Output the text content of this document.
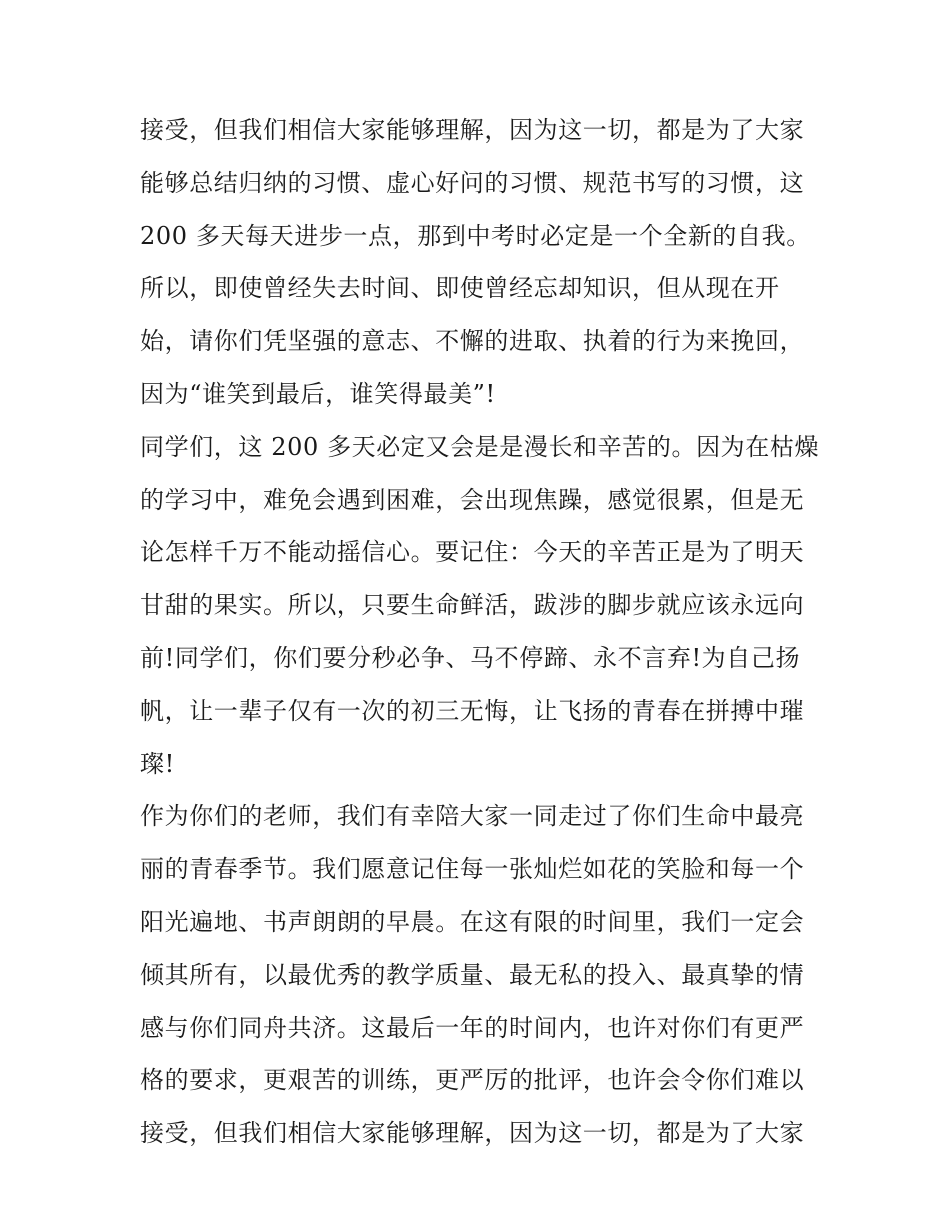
接受，但我们相信大家能够理解，因为这一切，都是为了大家
能够总结归纳的习惯、虚心好问的习惯、规范书写的习惯，这
200 多天每天进步一点，那到中考时必定是一个全新的自我。
所以，即使曾经失去时间、即使曾经忘却知识，但从现在开
始，请你们凭坚强的意志、不懈的进取、执着的行为来挽回，
因为“谁笑到最后，谁笑得最美”!
同学们，这 200 多天必定又会是是漫长和辛苦的。因为在枯燥
的学习中，难免会遇到困难，会出现焦躁，感觉很累，但是无
论怎样千万不能动摇信心。要记住：今天的辛苦正是为了明天
甘甜的果实。所以，只要生命鲜活，跋涉的脚步就应该永远向
前!同学们，你们要分秒必争、马不停蹄、永不言弃!为自己扬
帆，让一辈子仅有一次的初三无悔，让飞扬的青春在拼搏中璀
璨!
作为你们的老师，我们有幸陪大家一同走过了你们生命中最亮
丽的青春季节。我们愿意记住每一张灿烂如花的笑脸和每一个
阳光遍地、书声朗朗的早晨。在这有限的时间里，我们一定会
倾其所有，以最优秀的教学质量、最无私的投入、最真挚的情
感与你们同舟共济。这最后一年的时间内，也许对你们有更严
格的要求，更艰苦的训练，更严厉的批评，也许会令你们难以
接受，但我们相信大家能够理解，因为这一切，都是为了大家
